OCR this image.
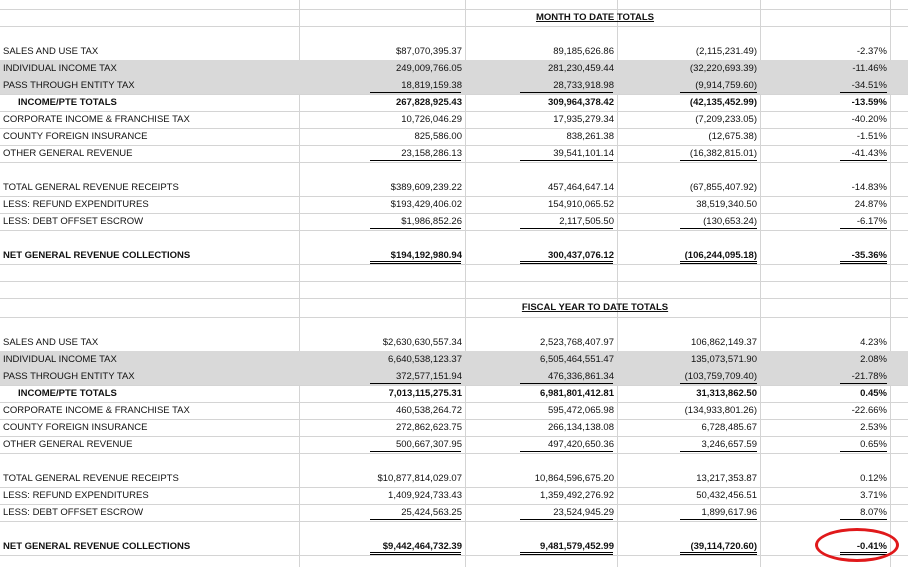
MONTH TO DATE TOTALS
FISCAL YEAR TO DATE TOTALS
SALES AND USE TAX	$87,070,395.37	89,185,626.86	(2,115,231.49)	-2.37%
INDIVIDUAL INCOME TAX	249,009,766.05	281,230,459.44	(32,220,693.39)	-11.46%
PASS THROUGH ENTITY TAX	18,819,159.38	28,733,918.98	(9,914,759.60)	-34.51%
INCOME/PTE TOTALS	267,828,925.43	309,964,378.42	(42,135,452.99)	-13.59%
CORPORATE INCOME & FRANCHISE TAX	10,726,046.29	17,935,279.34	(7,209,233.05)	-40.20%
COUNTY FOREIGN INSURANCE	825,586.00	838,261.38	(12,675.38)	-1.51%
OTHER GENERAL REVENUE	23,158,286.13	39,541,101.14	(16,382,815.01)	-41.43%
TOTAL GENERAL REVENUE RECEIPTS	$389,609,239.22	457,464,647.14	(67,855,407.92)	-14.83%
LESS: REFUND EXPENDITURES	$193,429,406.02	154,910,065.52	38,519,340.50	24.87%
LESS: DEBT OFFSET ESCROW	$1,986,852.26	2,117,505.50	(130,653.24)	-6.17%
NET GENERAL REVENUE COLLECTIONS	$194,192,980.94	300,437,076.12	(106,244,095.18)	-35.36%
SALES AND USE TAX	$2,630,630,557.34	2,523,768,407.97	106,862,149.37	4.23%
INDIVIDUAL INCOME TAX	6,640,538,123.37	6,505,464,551.47	135,073,571.90	2.08%
PASS THROUGH ENTITY TAX	372,577,151.94	476,336,861.34	(103,759,709.40)	-21.78%
INCOME/PTE TOTALS	7,013,115,275.31	6,981,801,412.81	31,313,862.50	0.45%
CORPORATE INCOME & FRANCHISE TAX	460,538,264.72	595,472,065.98	(134,933,801.26)	-22.66%
COUNTY FOREIGN INSURANCE	272,862,623.75	266,134,138.08	6,728,485.67	2.53%
OTHER GENERAL REVENUE	500,667,307.95	497,420,650.36	3,246,657.59	0.65%
TOTAL GENERAL REVENUE RECEIPTS	$10,877,814,029.07	10,864,596,675.20	13,217,353.87	0.12%
LESS: REFUND EXPENDITURES	1,409,924,733.43	1,359,492,276.92	50,432,456.51	3.71%
LESS: DEBT OFFSET ESCROW	25,424,563.25	23,524,945.29	1,899,617.96	8.07%
NET GENERAL REVENUE COLLECTIONS	$9,442,464,732.39	9,481,579,452.99	(39,114,720.60)	-0.41%
